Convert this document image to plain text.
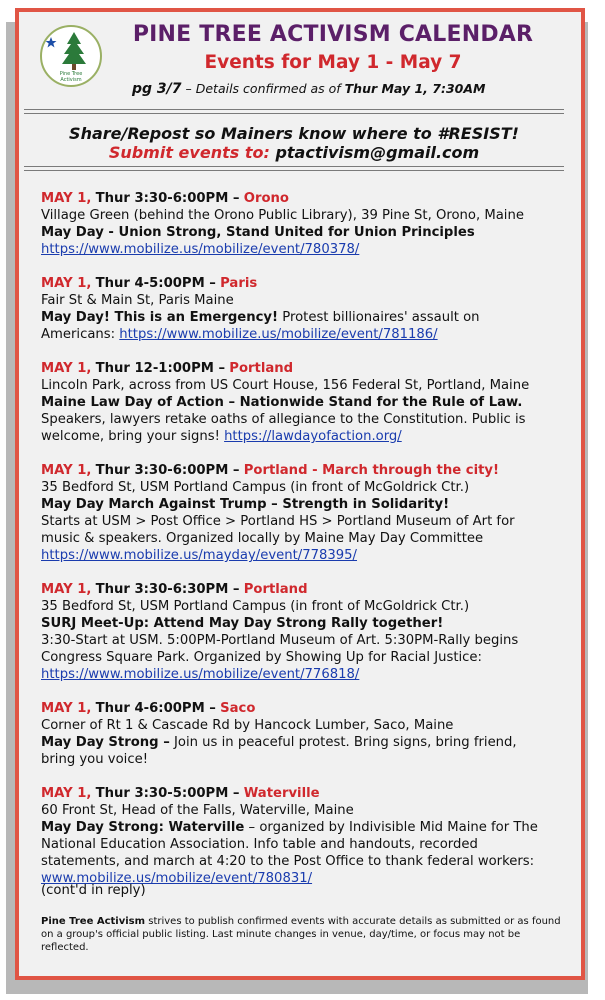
Pine Tree
Activism
PINE TREE ACTIVISM CALENDAR
Events for May 1 - May 7
pg 3/7 – Details confirmed as of Thur May 1, 7:30AM
Share/Repost so Mainers know where to #RESIST!
Submit events to: ptactivism@gmail.com
MAY 1, Thur 3:30-6:00PM – Orono
Village Green (behind the Orono Public Library), 39 Pine St, Orono, Maine
May Day - Union Strong, Stand United for Union Principles
https://www.mobilize.us/mobilize/event/780378/
MAY 1, Thur 4-5:00PM – Paris
Fair St & Main St, Paris Maine
May Day! This is an Emergency! Protest billionaires' assault on
Americans: https://www.mobilize.us/mobilize/event/781186/
MAY 1, Thur 12-1:00PM – Portland
Lincoln Park, across from US Court House, 156 Federal St, Portland, Maine
Maine Law Day of Action – Nationwide Stand for the Rule of Law.
Speakers, lawyers retake oaths of allegiance to the Constitution. Public is
welcome, bring your signs! https://lawdayofaction.org/
MAY 1, Thur 3:30-6:00PM – Portland - March through the city!
35 Bedford St, USM Portland Campus (in front of McGoldrick Ctr.)
May Day March Against Trump – Strength in Solidarity!
Starts at USM > Post Office > Portland HS > Portland Museum of Art for
music & speakers. Organized locally by Maine May Day Committee
https://www.mobilize.us/mayday/event/778395/
MAY 1, Thur 3:30-6:30PM – Portland
35 Bedford St, USM Portland Campus (in front of McGoldrick Ctr.)
SURJ Meet-Up: Attend May Day Strong Rally together!
3:30-Start at USM. 5:00PM-Portland Museum of Art. 5:30PM-Rally begins
Congress Square Park. Organized by Showing Up for Racial Justice:
https://www.mobilize.us/mobilize/event/776818/
MAY 1, Thur 4-6:00PM – Saco
Corner of Rt 1 & Cascade Rd by Hancock Lumber, Saco, Maine
May Day Strong – Join us in peaceful protest. Bring signs, bring friend,
bring you voice!
MAY 1, Thur 3:30-5:00PM – Waterville
60 Front St, Head of the Falls, Waterville, Maine
May Day Strong: Waterville – organized by Indivisible Mid Maine for The
National Education Association. Info table and handouts, recorded
statements, and march at 4:20 to the Post Office to thank federal workers:
www.mobilize.us/mobilize/event/780831/
(cont'd in reply)
Pine Tree Activism strives to publish confirmed events with accurate details as submitted or as found on a group's official public listing. Last minute changes in venue, day/time, or focus may not be reflected.
